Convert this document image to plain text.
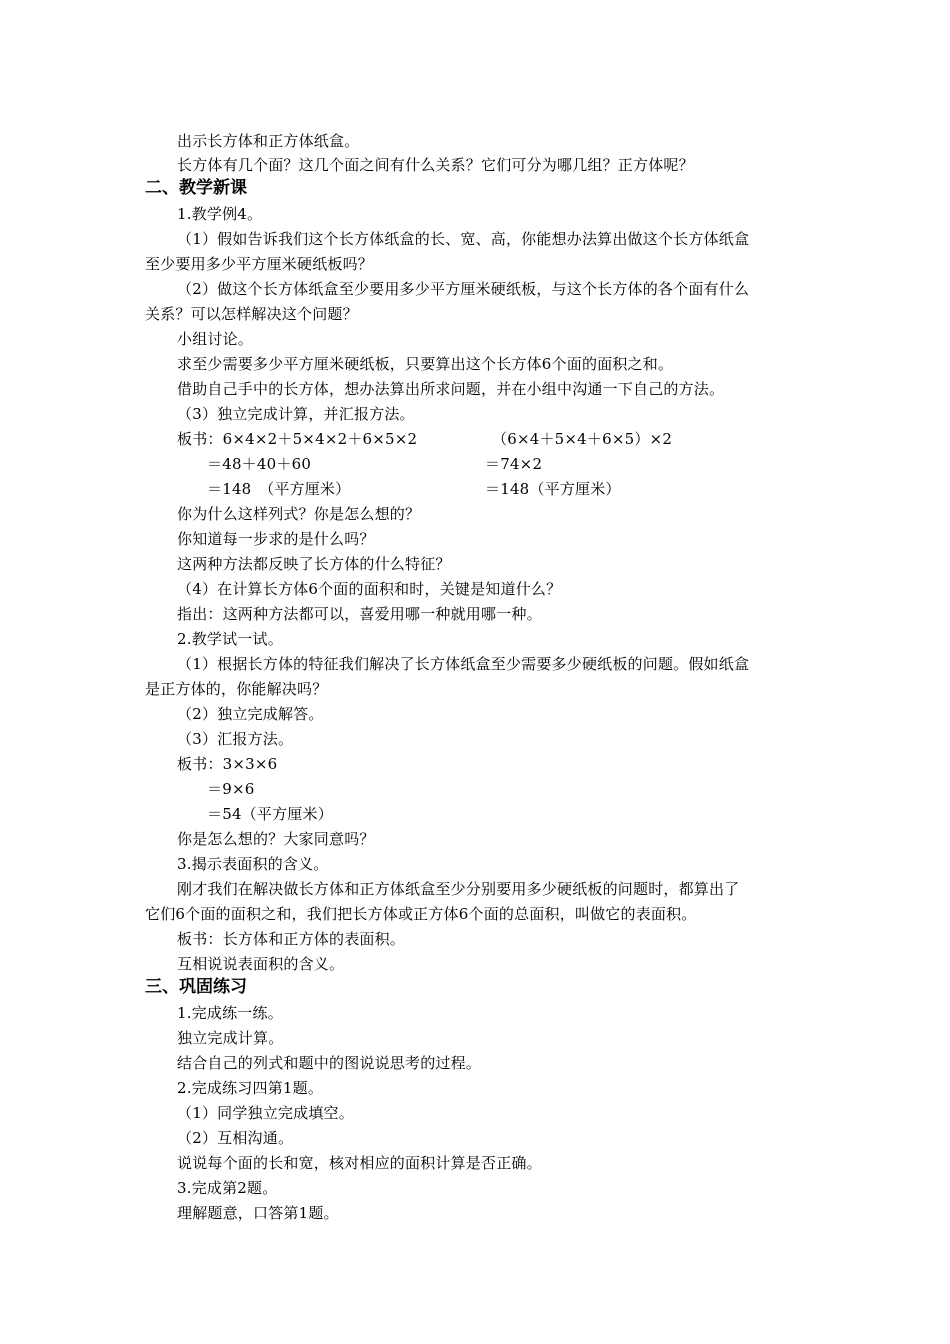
出示长方体和正方体纸盒。
长方体有几个面？这几个面之间有什么关系？它们可分为哪几组？正方体呢？
二、教学新课
1.教学例4。
（1）假如告诉我们这个长方体纸盒的长、宽、高，你能想办法算出做这个长方体纸盒
至少要用多少平方厘米硬纸板吗？
（2）做这个长方体纸盒至少要用多少平方厘米硬纸板，与这个长方体的各个面有什么
关系？可以怎样解决这个问题？
小组讨论。
求至少需要多少平方厘米硬纸板，只要算出这个长方体6个面的面积之和。
借助自己手中的长方体，想办法算出所求问题，并在小组中沟通一下自己的方法。
（3）独立完成计算，并汇报方法。
板书：6×4×2＋5×4×2＋6×5×2
＝48＋40＋60
＝148　（平方厘米）
（6×4＋5×4＋6×5）×2
＝74×2
＝148（平方厘米）
你为什么这样列式？你是怎么想的？
你知道每一步求的是什么吗？
这两种方法都反映了长方体的什么特征？
（4）在计算长方体6个面的面积和时，关键是知道什么？
指出：这两种方法都可以，喜爱用哪一种就用哪一种。
2.教学试一试。
（1）根据长方体的特征我们解决了长方体纸盒至少需要多少硬纸板的问题。假如纸盒
是正方体的，你能解决吗？
（2）独立完成解答。
（3）汇报方法。
板书：3×3×6
＝9×6
＝54（平方厘米）
你是怎么想的？大家同意吗？
3.揭示表面积的含义。
刚才我们在解决做长方体和正方体纸盒至少分别要用多少硬纸板的问题时，都算出了
它们6个面的面积之和，我们把长方体或正方体6个面的总面积，叫做它的表面积。
板书：长方体和正方体的表面积。
互相说说表面积的含义。
三、巩固练习
1.完成练一练。
独立完成计算。
结合自己的列式和题中的图说说思考的过程。
2.完成练习四第1题。
（1）同学独立完成填空。
（2）互相沟通。
说说每个面的长和宽，核对相应的面积计算是否正确。
3.完成第2题。
理解题意，口答第1题。
